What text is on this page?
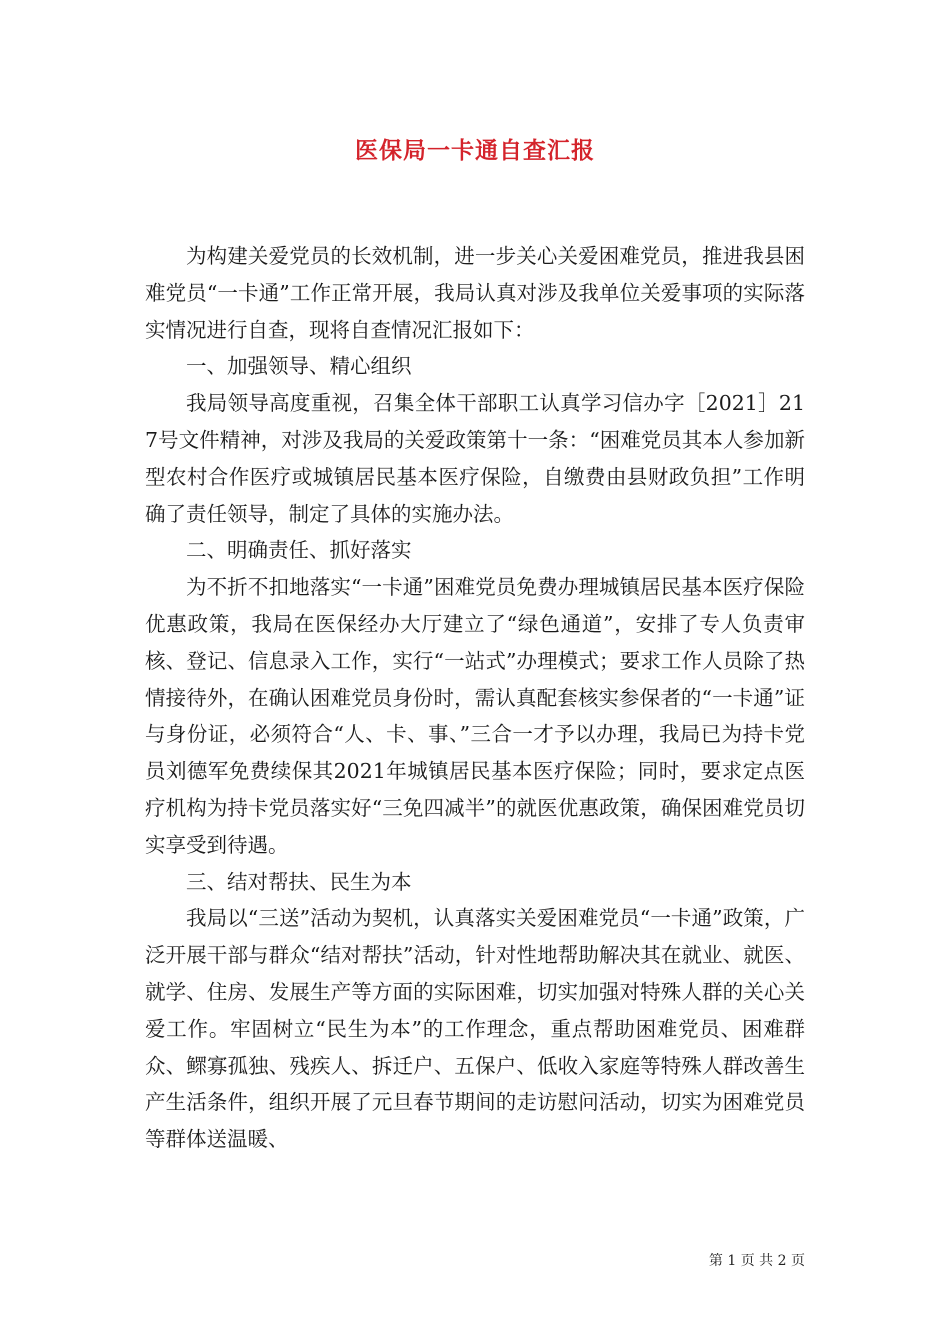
医保局一卡通自查汇报

为构建关爱党员的长效机制，进一步关心关爱困难党员，推进我县困难党员“一卡通”工作正常开展，我局认真对涉及我单位关爱事项的实际落实情况进行自查，现将自查情况汇报如下：

一、加强领导、精心组织

我局领导高度重视，召集全体干部职工认真学习信办字［2021］217号文件精神，对涉及我局的关爱政策第十一条：“困难党员其本人参加新型农村合作医疗或城镇居民基本医疗保险，自缴费由县财政负担”工作明确了责任领导，制定了具体的实施办法。

二、明确责任、抓好落实

为不折不扣地落实“一卡通”困难党员免费办理城镇居民基本医疗保险优惠政策，我局在医保经办大厅建立了“绿色通道”，安排了专人负责审核、登记、信息录入工作，实行“一站式”办理模式；要求工作人员除了热情接待外，在确认困难党员身份时，需认真配套核实参保者的“一卡通”证与身份证，必须符合“人、卡、事、”三合一才予以办理，我局已为持卡党员刘德军免费续保其2021年城镇居民基本医疗保险；同时，要求定点医疗机构为持卡党员落实好“三免四减半”的就医优惠政策，确保困难党员切实享受到待遇。

三、结对帮扶、民生为本

我局以“三送”活动为契机，认真落实关爱困难党员“一卡通”政策，广泛开展干部与群众“结对帮扶”活动，针对性地帮助解决其在就业、就医、就学、住房、发展生产等方面的实际困难，切实加强对特殊人群的关心关爱工作。牢固树立“民生为本”的工作理念，重点帮助困难党员、困难群众、鳏寡孤独、残疾人、拆迁户、五保户、低收入家庭等特殊人群改善生产生活条件，组织开展了元旦春节期间的走访慰问活动，切实为困难党员等群体送温暖、

第 1 页 共 2 页
